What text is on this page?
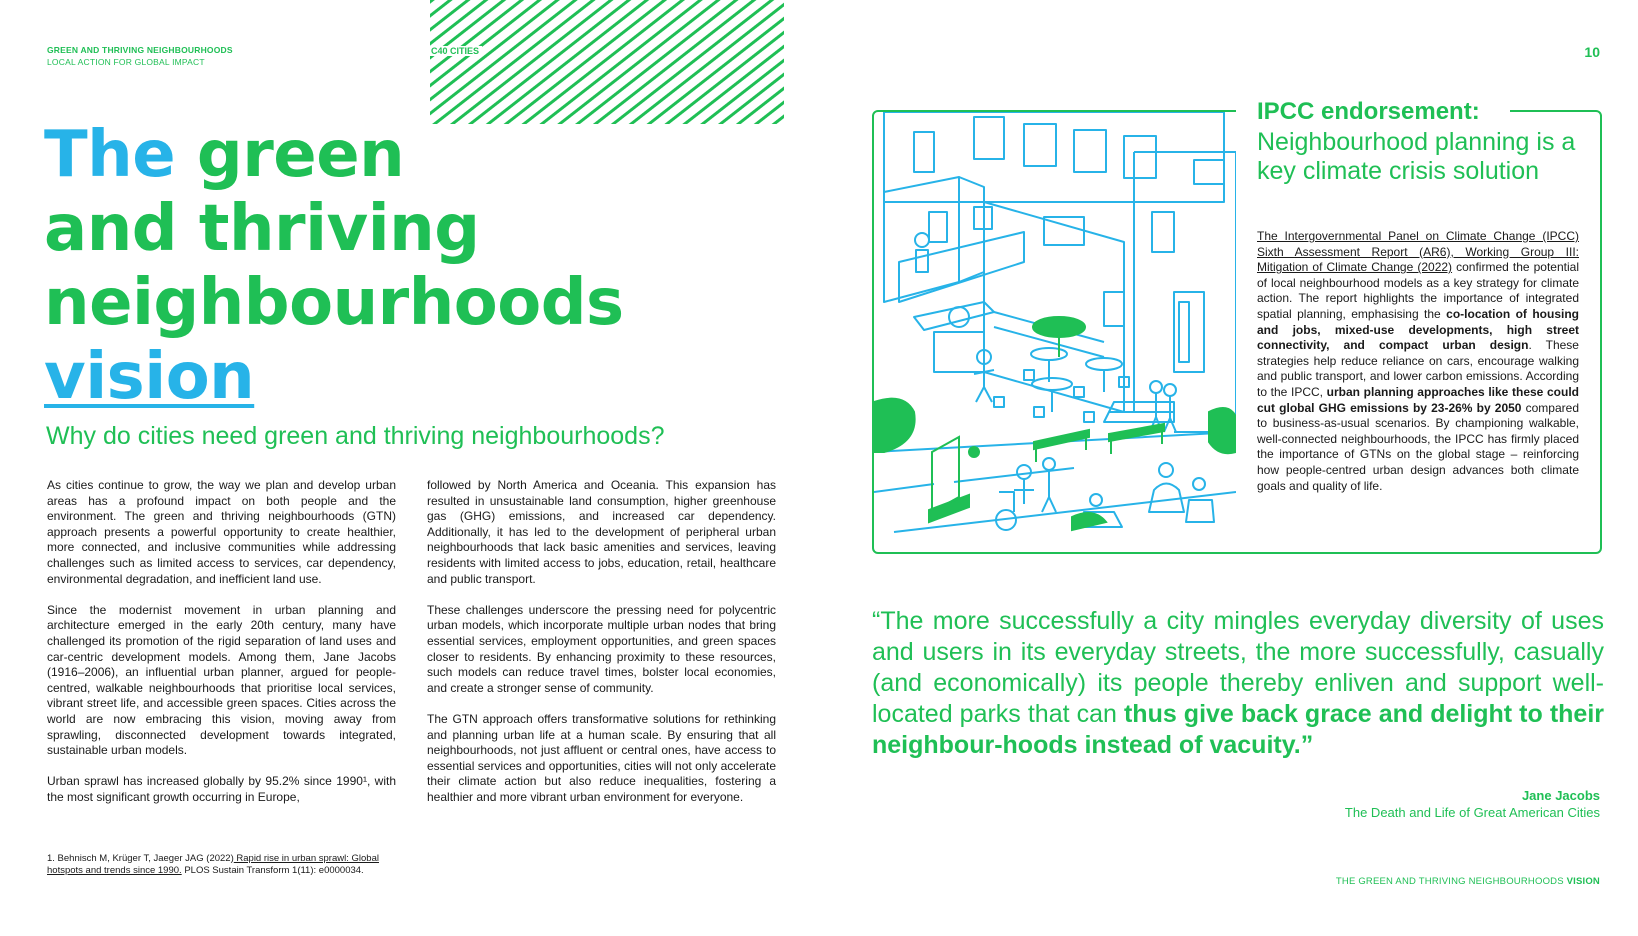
GREEN AND THRIVING NEIGHBOURHOODS
LOCAL ACTION FOR GLOBAL IMPACT
C40 CITIES	10
The green
and thriving
neighbourhoods
vision
Why do cities need green and thriving neighbourhoods?

As cities continue to grow, the way we plan and develop urban areas has a profound impact on both people and the environment. The green and thriving neighbourhoods (GTN) approach presents a powerful opportunity to create healthier, more connected, and inclusive communities while addressing challenges such as limited access to services, car dependency, environmental degradation, and inefficient land use.

Since the modernist movement in urban planning and architecture emerged in the early 20th century, many have challenged its promotion of the rigid separation of land uses and car-centric development models. Among them, Jane Jacobs (1916–2006), an influential urban planner, argued for people-centred, walkable neighbourhoods that prioritise local services, vibrant street life, and accessible green spaces. Cities across the world are now embracing this vision, moving away from sprawling, disconnected development towards integrated, sustainable urban models.

Urban sprawl has increased globally by 95.2% since 1990¹, with the most significant growth occurring in Europe,

followed by North America and Oceania. This expansion has resulted in unsustainable land consumption, higher greenhouse gas (GHG) emissions, and increased car dependency. Additionally, it has led to the development of peripheral urban neighbourhoods that lack basic amenities and services, leaving residents with limited access to jobs, education, retail, healthcare and public transport.

These challenges underscore the pressing need for polycentric urban models, which incorporate multiple urban nodes that bring essential services, employment opportunities, and green spaces closer to residents. By enhancing proximity to these resources, such models can reduce travel times, bolster local economies, and create a stronger sense of community.

The GTN approach offers transformative solutions for rethinking and planning urban life at a human scale. By ensuring that all neighbourhoods, not just affluent or central ones, have access to essential services and opportunities, cities will not only accelerate their climate action but also reduce inequalities, fostering a healthier and more vibrant urban environment for everyone.

1. Behnisch M, Krüger T, Jaeger JAG (2022) Rapid rise in urban sprawl: Global hotspots and trends since 1990. PLOS Sustain Transform 1(11): e0000034.
IPCC endorsement:
Neighbourhood planning is a key climate crisis solution
The Intergovernmental Panel on Climate Change (IPCC) Sixth Assessment Report (AR6), Working Group III: Mitigation of Climate Change (2022) confirmed the potential of local neighbourhood models as a key strategy for climate action. The report highlights the importance of integrated spatial planning, emphasising the co-location of housing and jobs, mixed-use developments, high street connectivity, and compact urban design. These strategies help reduce reliance on cars, encourage walking and public transport, and lower carbon emissions. According to the IPCC, urban planning approaches like these could cut global GHG emissions by 23-26% by 2050 compared to business-as-usual scenarios. By championing walkable, well-connected neighbourhoods, the IPCC has firmly placed the importance of GTNs on the global stage – reinforcing how people-centred urban design advances both climate goals and quality of life.
“The more successfully a city mingles everyday diversity of uses and users in its everyday streets, the more successfully, casually (and economically) its people thereby enliven and support well-located parks that can thus give back grace and delight to their neighbour-hoods instead of vacuity.”
Jane Jacobs
The Death and Life of Great American Cities
THE GREEN AND THRIVING NEIGHBOURHOODS VISION
